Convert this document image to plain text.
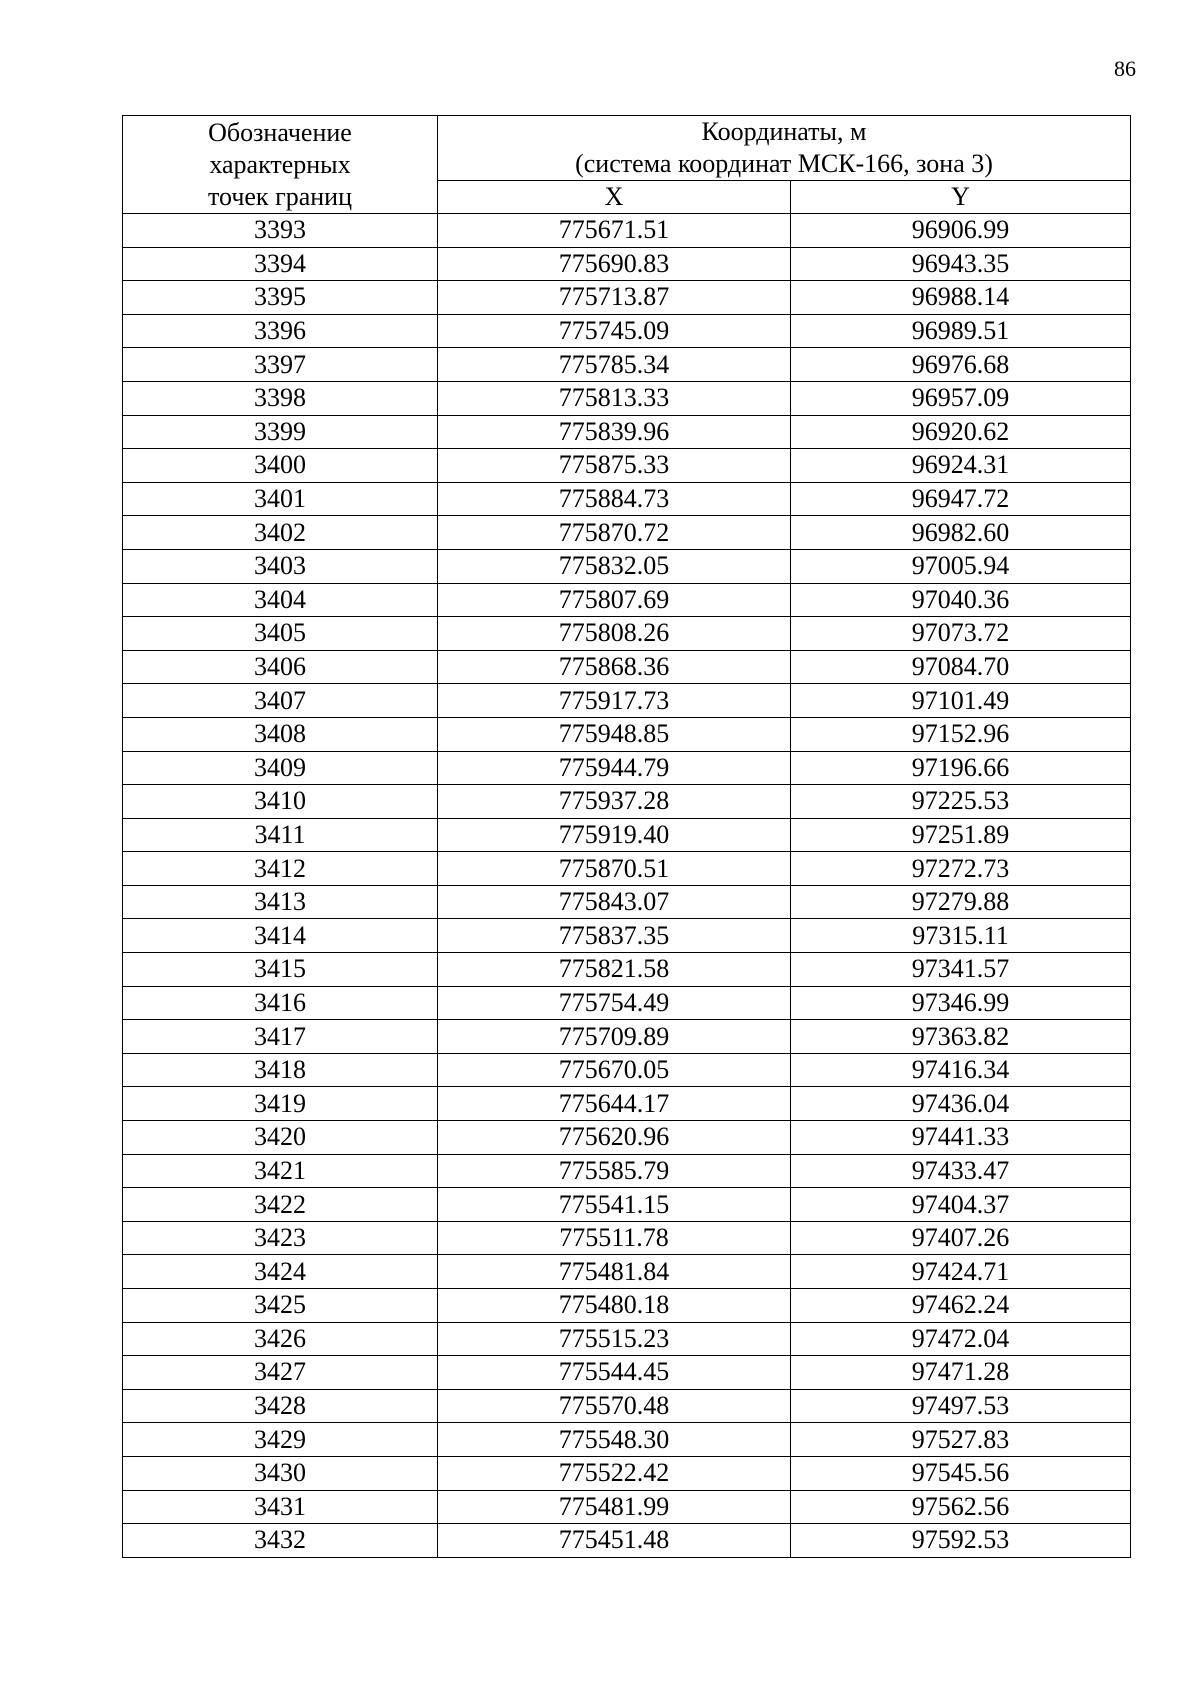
86
Обозначение
характерных
точек границ	Координаты, м
(система координат МСК-166, зона 3)	
	X	Y
3393	775671.51	96906.99
3394	775690.83	96943.35
3395	775713.87	96988.14
3396	775745.09	96989.51
3397	775785.34	96976.68
3398	775813.33	96957.09
3399	775839.96	96920.62
3400	775875.33	96924.31
3401	775884.73	96947.72
3402	775870.72	96982.60
3403	775832.05	97005.94
3404	775807.69	97040.36
3405	775808.26	97073.72
3406	775868.36	97084.70
3407	775917.73	97101.49
3408	775948.85	97152.96
3409	775944.79	97196.66
3410	775937.28	97225.53
3411	775919.40	97251.89
3412	775870.51	97272.73
3413	775843.07	97279.88
3414	775837.35	97315.11
3415	775821.58	97341.57
3416	775754.49	97346.99
3417	775709.89	97363.82
3418	775670.05	97416.34
3419	775644.17	97436.04
3420	775620.96	97441.33
3421	775585.79	97433.47
3422	775541.15	97404.37
3423	775511.78	97407.26
3424	775481.84	97424.71
3425	775480.18	97462.24
3426	775515.23	97472.04
3427	775544.45	97471.28
3428	775570.48	97497.53
3429	775548.30	97527.83
3430	775522.42	97545.56
3431	775481.99	97562.56
3432	775451.48	97592.53
